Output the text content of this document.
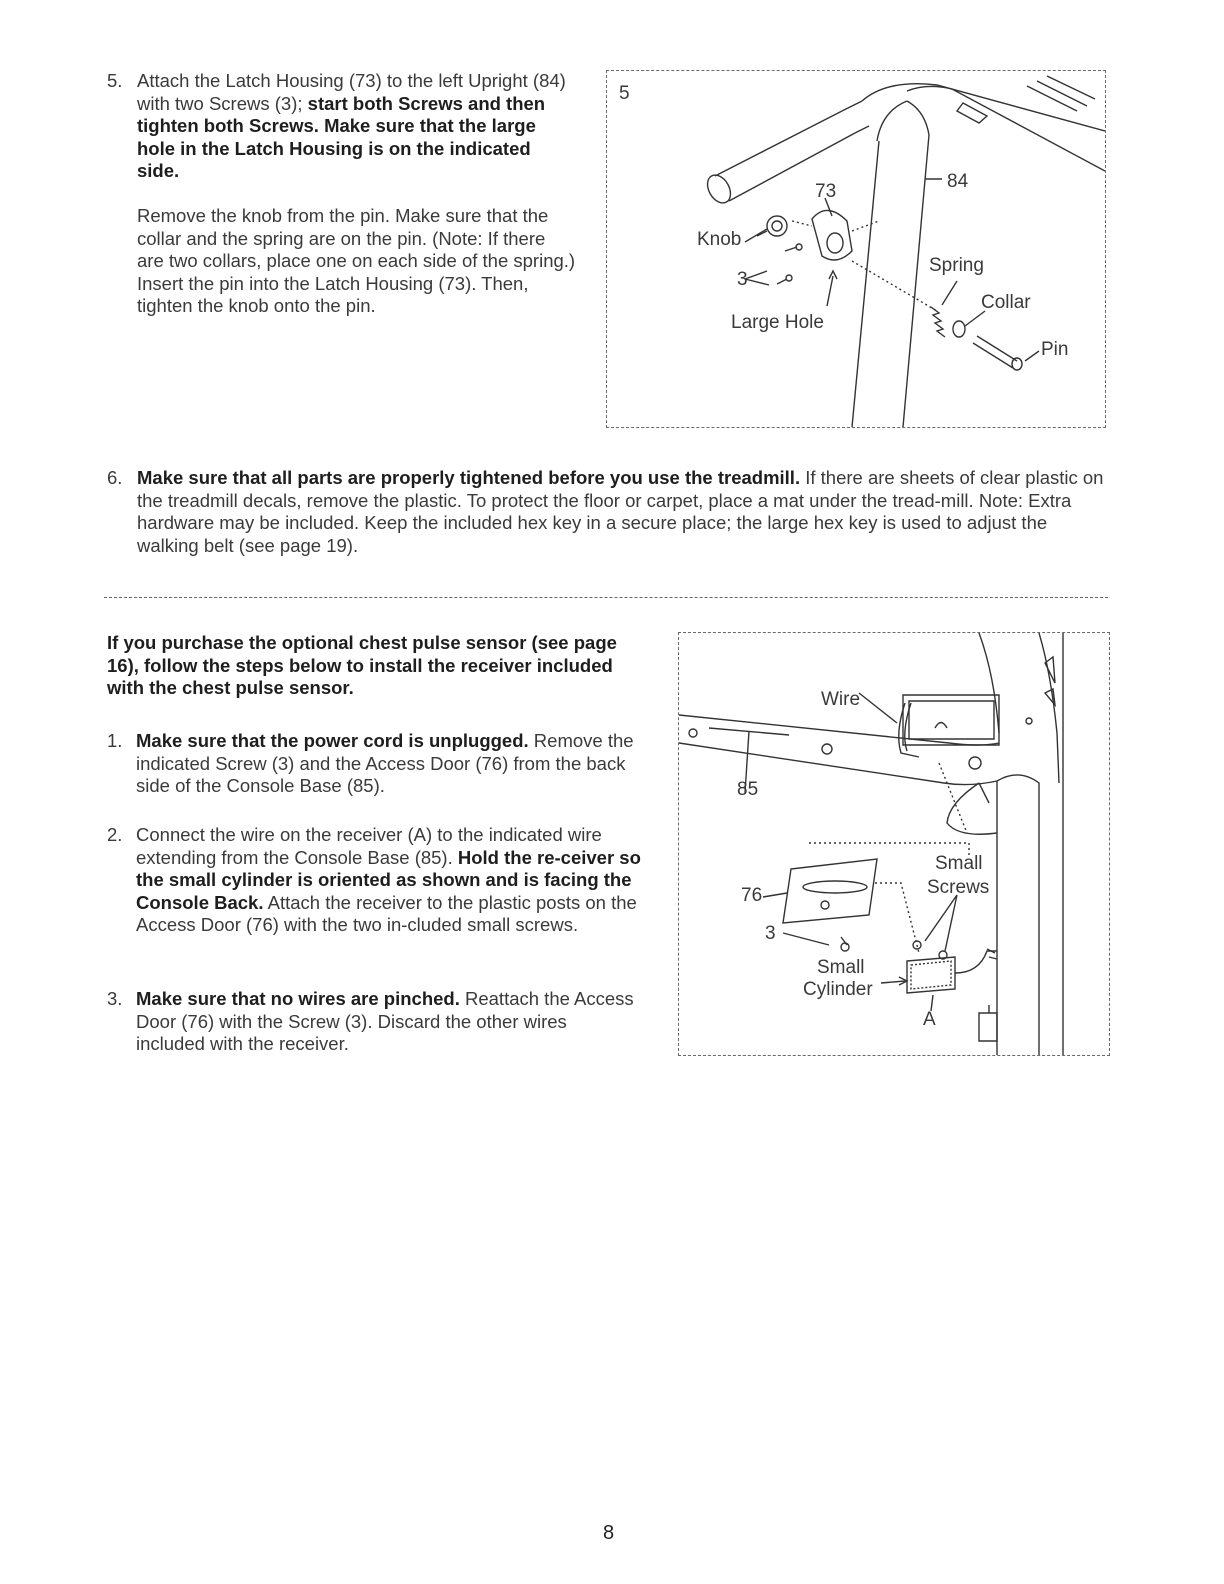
5. Attach the Latch Housing (73) to the left Upright (84) with two Screws (3); start both Screws and then tighten both Screws. Make sure that the large hole in the Latch Housing is on the indicated side.

Remove the knob from the pin. Make sure that the collar and the spring are on the pin. (Note: If there are two collars, place one on each side of the spring.) Insert the pin into the Latch Housing (73). Then, tighten the knob onto the pin.

5
73	84
Knob
3
Spring
Collar
Large Hole
Pin
6. Make sure that all parts are properly tightened before you use the treadmill. If there are sheets of clear plastic on the treadmill decals, remove the plastic. To protect the floor or carpet, place a mat under the tread-mill. Note: Extra hardware may be included. Keep the included hex key in a secure place; the large hex key is used to adjust the walking belt (see page 19).

If you purchase the optional chest pulse sensor (see page 16), follow the steps below to install the receiver included with the chest pulse sensor.

1. Make sure that the power cord is unplugged. Remove the indicated Screw (3) and the Access Door (76) from the back side of the Console Base (85).

2. Connect the wire on the receiver (A) to the indicated wire extending from the Console Base (85). Hold the re-ceiver so the small cylinder is oriented as shown and is facing the Console Back. Attach the receiver to the plastic posts on the Access Door (76) with the two in-cluded small screws.

3. Make sure that no wires are pinched. Reattach the Access Door (76) with the Screw (3). Discard the other wires included with the receiver.

Wire
85
Small
Screws
76
3
Small
Cylinder
A
8
